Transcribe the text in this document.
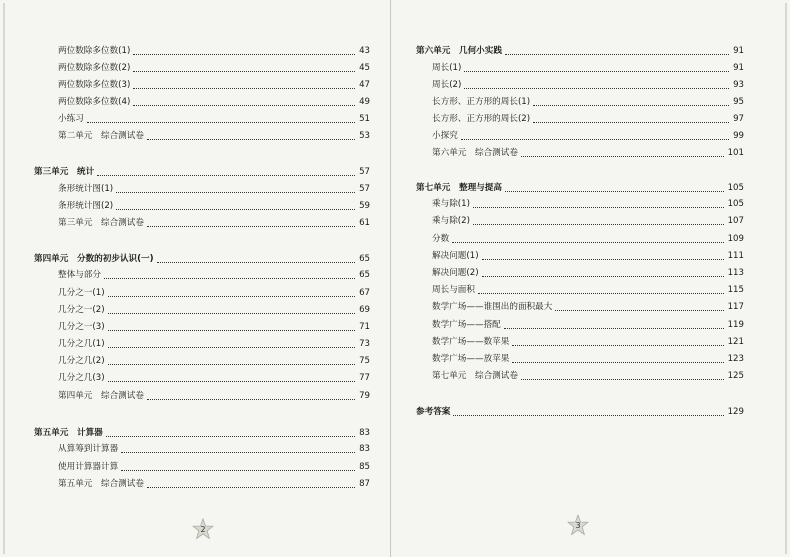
两位数除多位数(1)	43
两位数除多位数(2)	45
两位数除多位数(3)	47
两位数除多位数(4)	49
小练习	51
第二单元　综合测试卷	53
第三单元　统计	57
条形统计图(1)	57
条形统计图(2)	59
第三单元　综合测试卷	61
第四单元　分数的初步认识(一)	65
整体与部分	65
几分之一(1)	67
几分之一(2)	69
几分之一(3)	71
几分之几(1)	73
几分之几(2)	75
几分之几(3)	77
第四单元　综合测试卷	79
第五单元　计算器	83
从算筹到计算器	83
使用计算器计算	85
第五单元　综合测试卷	87
2
第六单元　几何小实践	91
周长(1)	91
周长(2)	93
长方形、正方形的周长(1)	95
长方形、正方形的周长(2)	97
小探究	99
第六单元　综合测试卷	101
第七单元　整理与提高	105
乘与除(1)	105
乘与除(2)	107
分数	109
解决问题(1)	111
解决问题(2)	113
周长与面积	115
数学广场——谁围出的面积最大	117
数学广场——搭配	119
数学广场——数苹果	121
数学广场——放苹果	123
第七单元　综合测试卷	125
参考答案	129
3
